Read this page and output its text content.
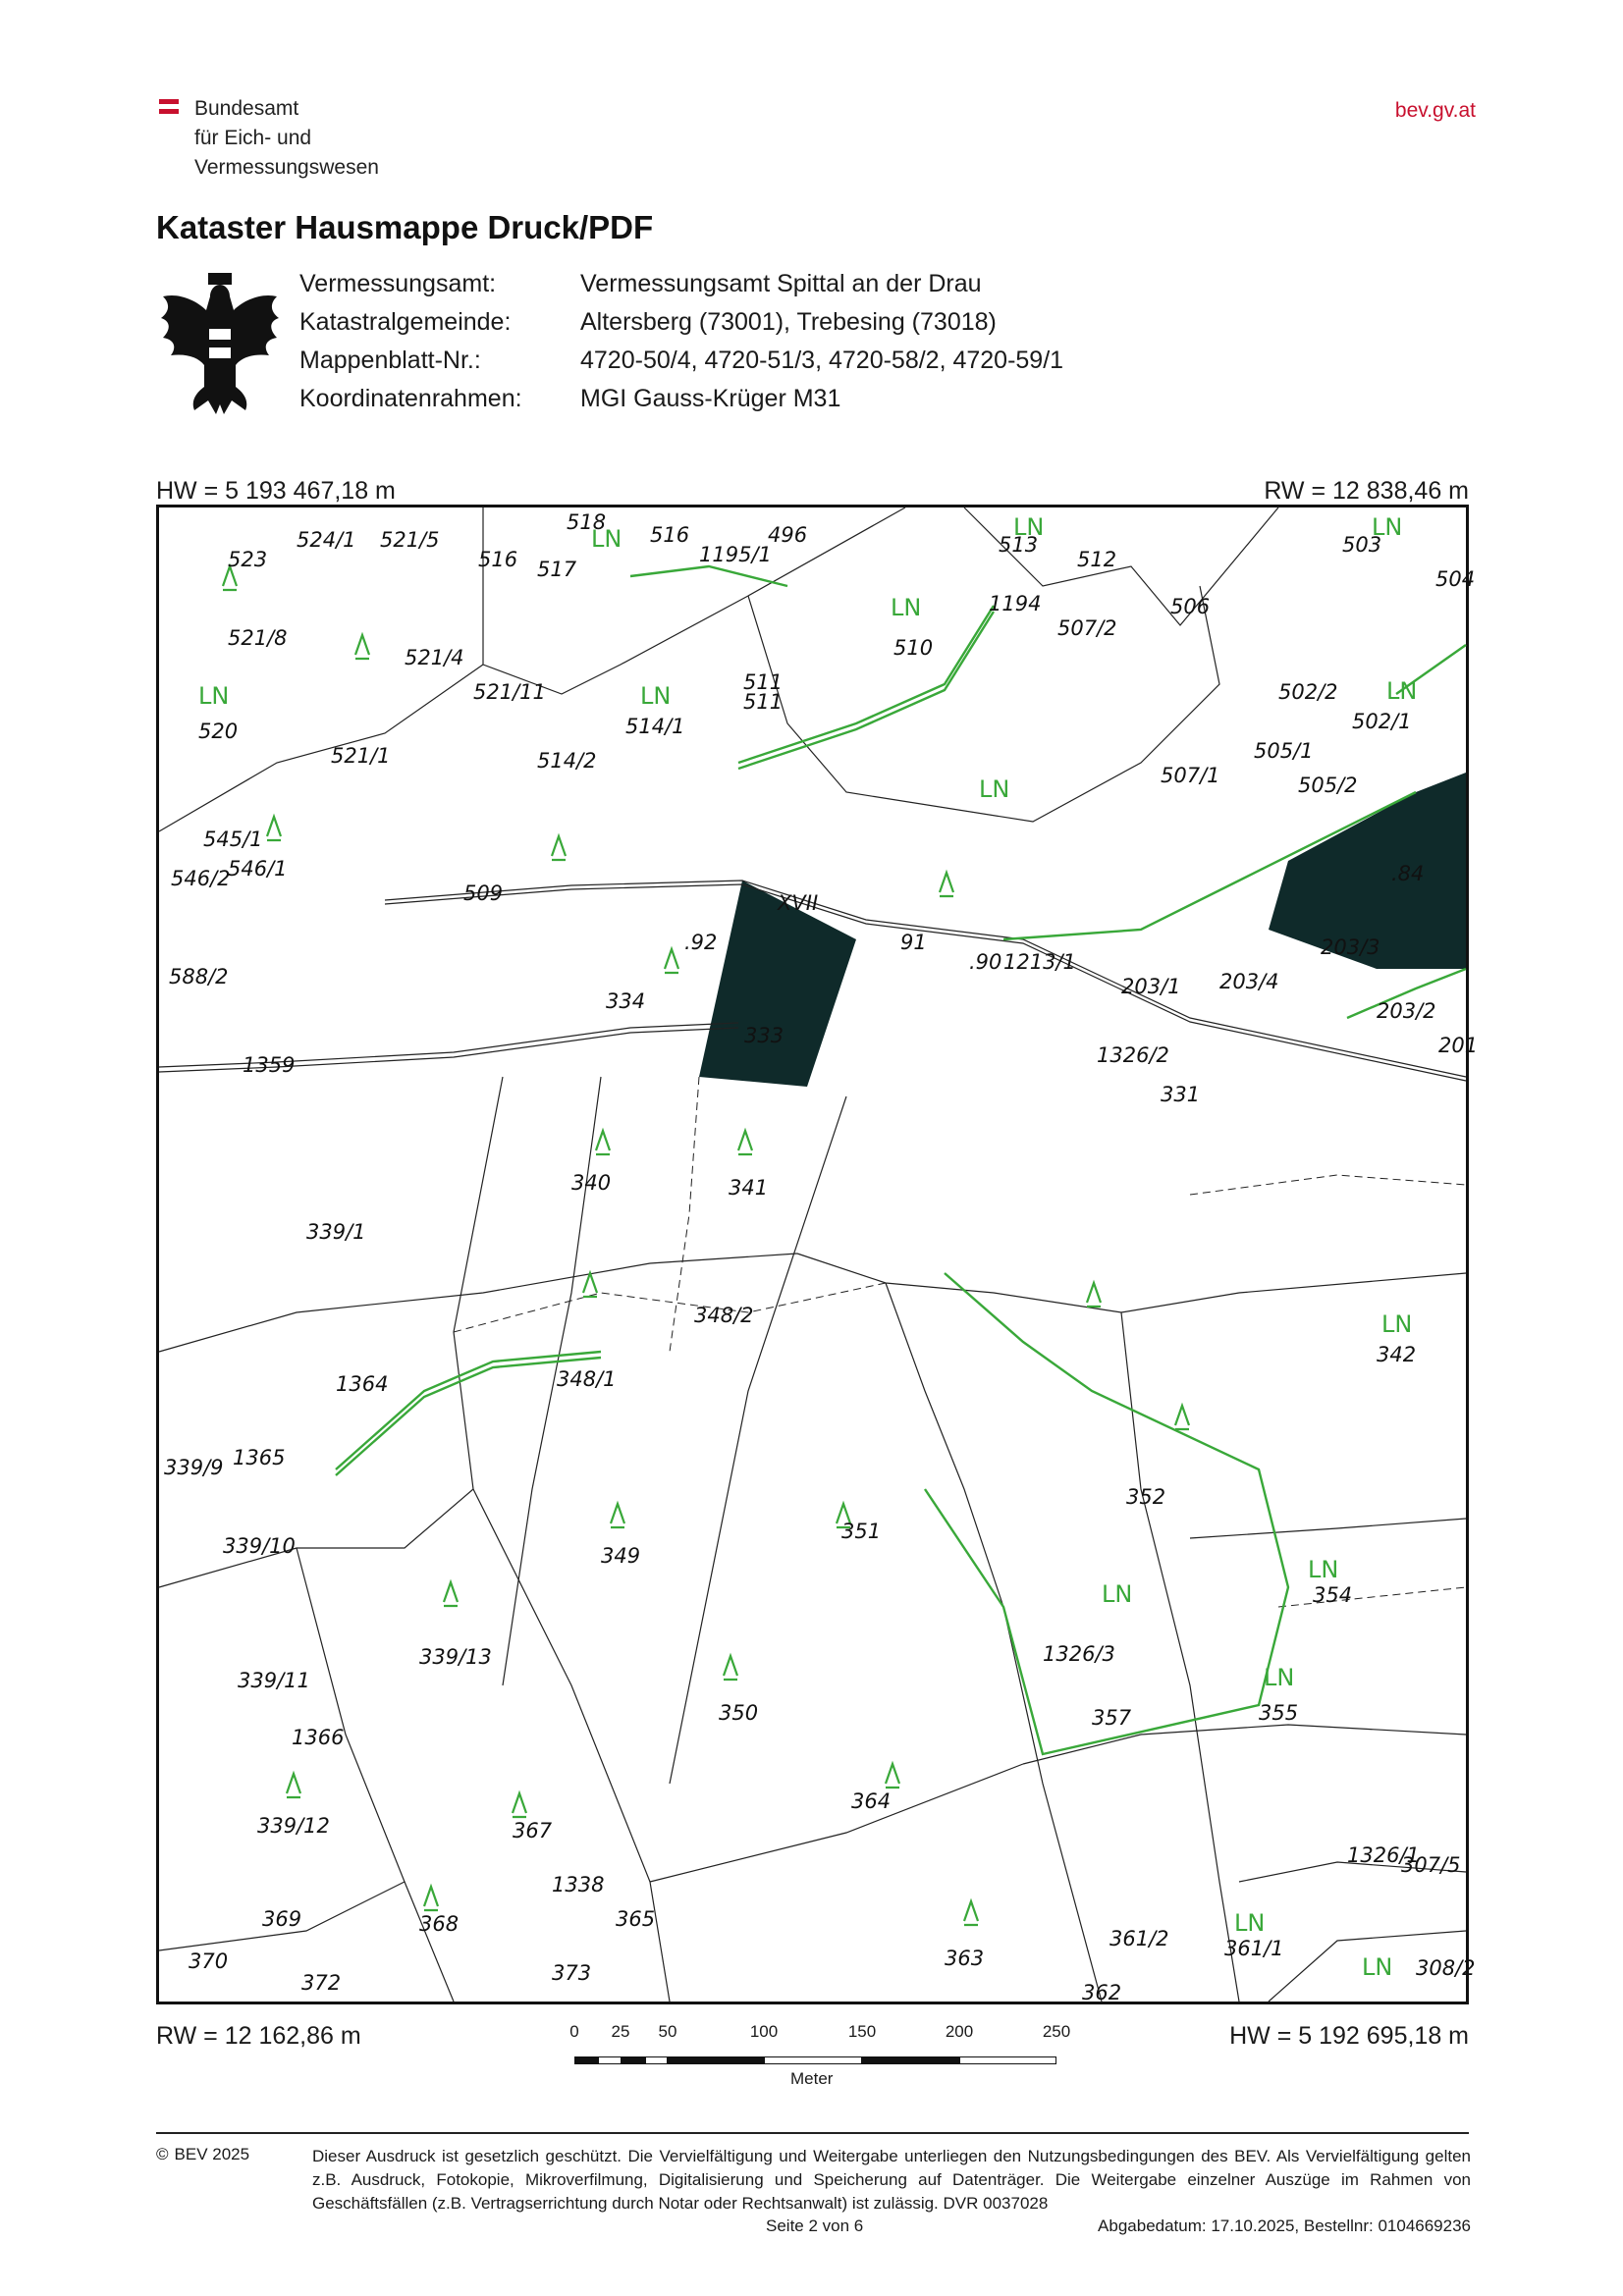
Bundesamt
für Eich- und
Vermessungswesen
bev.gv.at
Kataster Hausmappe Druck/PDF
Vermessungsamt:	Vermessungsamt Spittal an der Drau
Katastralgemeinde:	Altersberg (73001), Trebesing (73018)
Mappenblatt-Nr.:	4720-50/4, 4720-51/3, 4720-58/2, 4720-59/1
Koordinatenrahmen:	MGI Gauss-Krüger M31
HW = 5 193 467,18 m	RW = 12 838,46 m
LN	LN	LN
LN
LN	LN
LN
LN
LN
LN
LN
LN
LN
LN
524/1
523
521/5
516
518
517
516
1195/1
496	513
512
503
504
521/8
521/4
1194
507/2
506
510
511
520
521/11
514/1
511	502/2
502/1
521/1	514/2
507/1
505/1
505/2
545/1
546/1
546/2
509	XVII
.84
203/3
.92	91
.90 1213/1
203/1 203/4
588/2
334
333
1326/2
203/2
331
1359
201
339/1
340	341
348/2
342
1364	348/1
339/9 1365
352
339/10	349
351
354
339/11
339/13
350
1326/3
357	355
1366
364
339/12	367
1326/1
307/5
369	368
1338
365
363
361/2	361/1
308/2
370
372	373
362
RW = 12 162,86 m	HW = 5 192 695,18 m
0 25 50	100	150	200	250
Meter
© BEV 2025	Dieser Ausdruck ist gesetzlich geschützt. Die Vervielfältigung und Weitergabe unterliegen den Nutzungsbedingungen des BEV. Als Vervielfältigung gelten z.B. Ausdruck, Fotokopie, Mikroverfilmung, Digitalisierung und Speicherung auf Datenträger. Die Weitergabe einzelner Auszüge im Rahmen von Geschäftsfällen (z.B. Vertragserrichtung durch Notar oder Rechtsanwalt) ist zulässig. DVR 0037028
Seite 2 von 6	Abgabedatum: 17.10.2025, Bestellnr: 0104669236
